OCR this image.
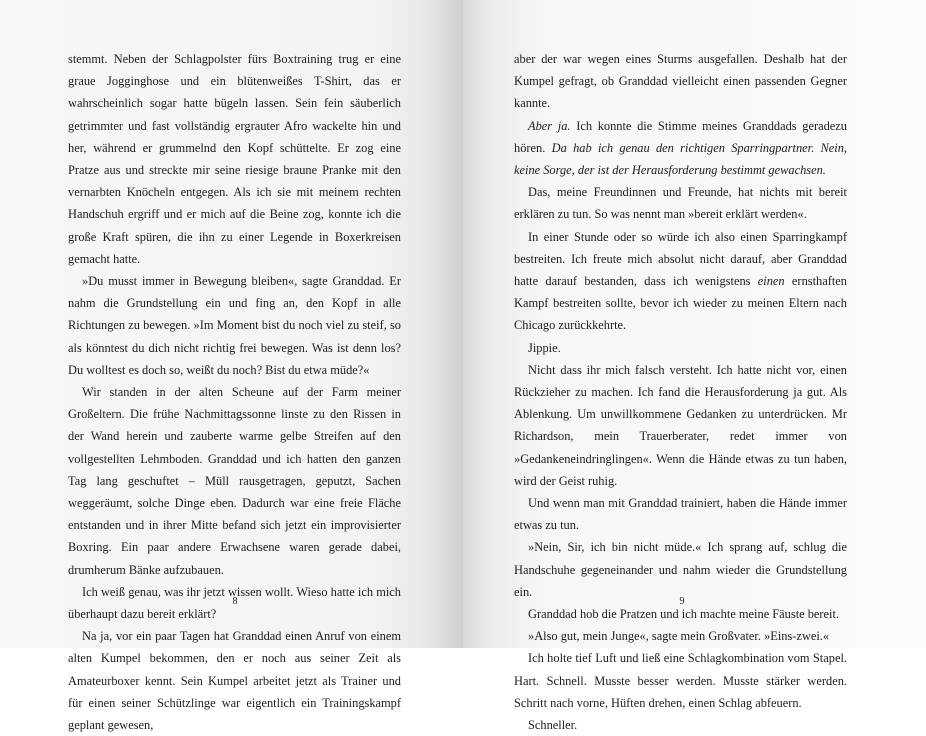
stemmt. Neben der Schlagpolster fürs Boxtraining trug er eine graue Jogginghose und ein blütenweißes T-Shirt, das er wahrscheinlich sogar hatte bügeln lassen. Sein fein säuberlich getrimmter und fast vollständig ergrauter Afro wackelte hin und her, während er grummelnd den Kopf schüttelte. Er zog eine Pratze aus und streckte mir seine riesige braune Pranke mit den vernarbten Knöcheln entgegen. Als ich sie mit meinem rechten Handschuh ergriff und er mich auf die Beine zog, konnte ich die große Kraft spüren, die ihn zu einer Legende in Boxerkreisen gemacht hatte.

»Du musst immer in Bewegung bleiben«, sagte Granddad. Er nahm die Grundstellung ein und fing an, den Kopf in alle Richtungen zu bewegen. »Im Moment bist du noch viel zu steif, so als könntest du dich nicht richtig frei bewegen. Was ist denn los? Du wolltest es doch so, weißt du noch? Bist du etwa müde?«

Wir standen in der alten Scheune auf der Farm meiner Großeltern. Die frühe Nachmittagssonne linste zu den Rissen in der Wand herein und zauberte warme gelbe Streifen auf den vollgestellten Lehmboden. Granddad und ich hatten den ganzen Tag lang geschuftet – Müll rausgetragen, geputzt, Sachen weggeräumt, solche Dinge eben. Dadurch war eine freie Fläche entstanden und in ihrer Mitte befand sich jetzt ein improvisierter Boxring. Ein paar andere Erwachsene waren gerade dabei, drumherum Bänke aufzubauen.

Ich weiß genau, was ihr jetzt wissen wollt. Wieso hatte ich mich überhaupt dazu bereit erklärt?

Na ja, vor ein paar Tagen hat Granddad einen Anruf von einem alten Kumpel bekommen, den er noch aus seiner Zeit als Amateurboxer kennt. Sein Kumpel arbeitet jetzt als Trainer und für einen seiner Schützlinge war eigentlich ein Trainingskampf geplant gewesen,

8

aber der war wegen eines Sturms ausgefallen. Deshalb hat der Kumpel gefragt, ob Granddad vielleicht einen passenden Gegner kannte.

Aber ja. Ich konnte die Stimme meines Granddads geradezu hören. Da hab ich genau den richtigen Sparringpartner. Nein, keine Sorge, der ist der Herausforderung bestimmt gewachsen.

Das, meine Freundinnen und Freunde, hat nichts mit bereit erklären zu tun. So was nennt man »bereit erklärt werden«.

In einer Stunde oder so würde ich also einen Sparringkampf bestreiten. Ich freute mich absolut nicht darauf, aber Granddad hatte darauf bestanden, dass ich wenigstens einen ernsthaften Kampf bestreiten sollte, bevor ich wieder zu meinen Eltern nach Chicago zurückkehrte.

Jippie.

Nicht dass ihr mich falsch versteht. Ich hatte nicht vor, einen Rückzieher zu machen. Ich fand die Herausforderung ja gut. Als Ablenkung. Um unwillkommene Gedanken zu unterdrücken. Mr Richardson, mein Trauerberater, redet immer von »Gedankeneindringlingen«. Wenn die Hände etwas zu tun haben, wird der Geist ruhig.

Und wenn man mit Granddad trainiert, haben die Hände immer etwas zu tun.

»Nein, Sir, ich bin nicht müde.« Ich sprang auf, schlug die Handschuhe gegeneinander und nahm wieder die Grundstellung ein.

Granddad hob die Pratzen und ich machte meine Fäuste bereit.

»Also gut, mein Junge«, sagte mein Großvater. »Eins-zwei.«

Ich holte tief Luft und ließ eine Schlagkombination vom Stapel. Hart. Schnell. Musste besser werden. Musste stärker werden. Schritt nach vorne, Hüften drehen, einen Schlag abfeuern.

Schneller.

9
